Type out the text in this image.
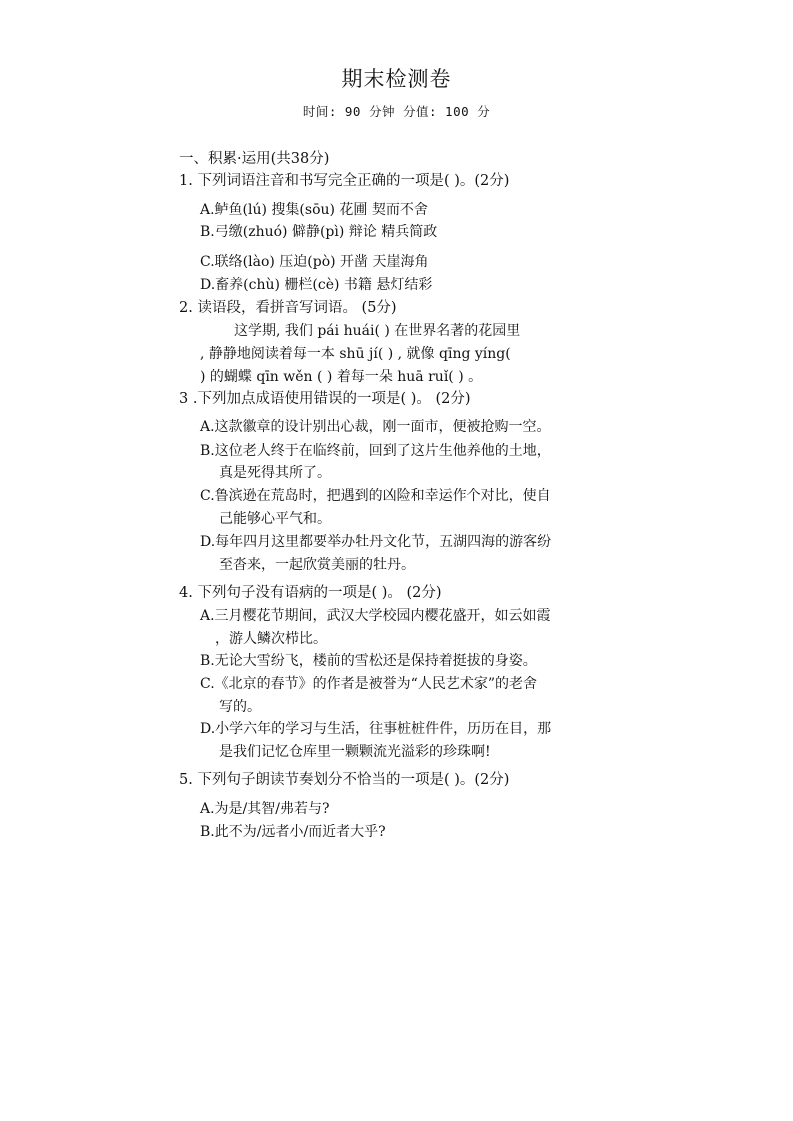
期末检测卷
时间: 90 分钟 分值: 100 分
一、积累·运用(共38分)
1. 下列词语注音和书写完全正确的一项是( )。(2分)
A.鲈鱼(lú) 搜集(sōu) 花圃 契而不舍
B.弓缴(zhuó) 僻静(pì) 辩论 精兵简政
C.联络(lào) 压迫(pò) 开凿 天崖海角
D.畜养(chù) 栅栏(cè) 书籍 悬灯结彩
2. 读语段，看拼音写词语。 (5分)
这学期, 我们 pái huái( ) 在世界名著的花园里
, 静静地阅读着每一本 shū jí( ) , 就像 qīng yíng(
) 的蝴蝶 qīn wěn ( ) 着每一朵 huā ruǐ( ) 。
3 .下列加点成语使用错误的一项是( )。 (2分)
A.这款徽章的设计别出心裁，刚一面市，便被抢购一空。
B.这位老人终于在临终前，回到了这片生他养他的土地，
真是死得其所了。
C.鲁滨逊在荒岛时，把遇到的凶险和幸运作个对比，使自
己能够心平气和。
D.每年四月这里都要举办牡丹文化节，五湖四海的游客纷
至沓来，一起欣赏美丽的牡丹。
4. 下列句子没有语病的一项是( )。 (2分)
A.三月樱花节期间，武汉大学校园内樱花盛开，如云如霞
，游人鳞次栉比。
B.无论大雪纷飞，楼前的雪松还是保持着挺拔的身姿。
C.《北京的春节》的作者是被誉为“人民艺术家”的老舍
写的。
D.小学六年的学习与生活，往事桩桩件件，历历在目，那
是我们记忆仓库里一颗颗流光溢彩的珍珠啊!
5. 下列句子朗读节奏划分不恰当的一项是( )。(2分)
A.为是/其智/弗若与?
B.此不为/远者小/而近者大乎?
